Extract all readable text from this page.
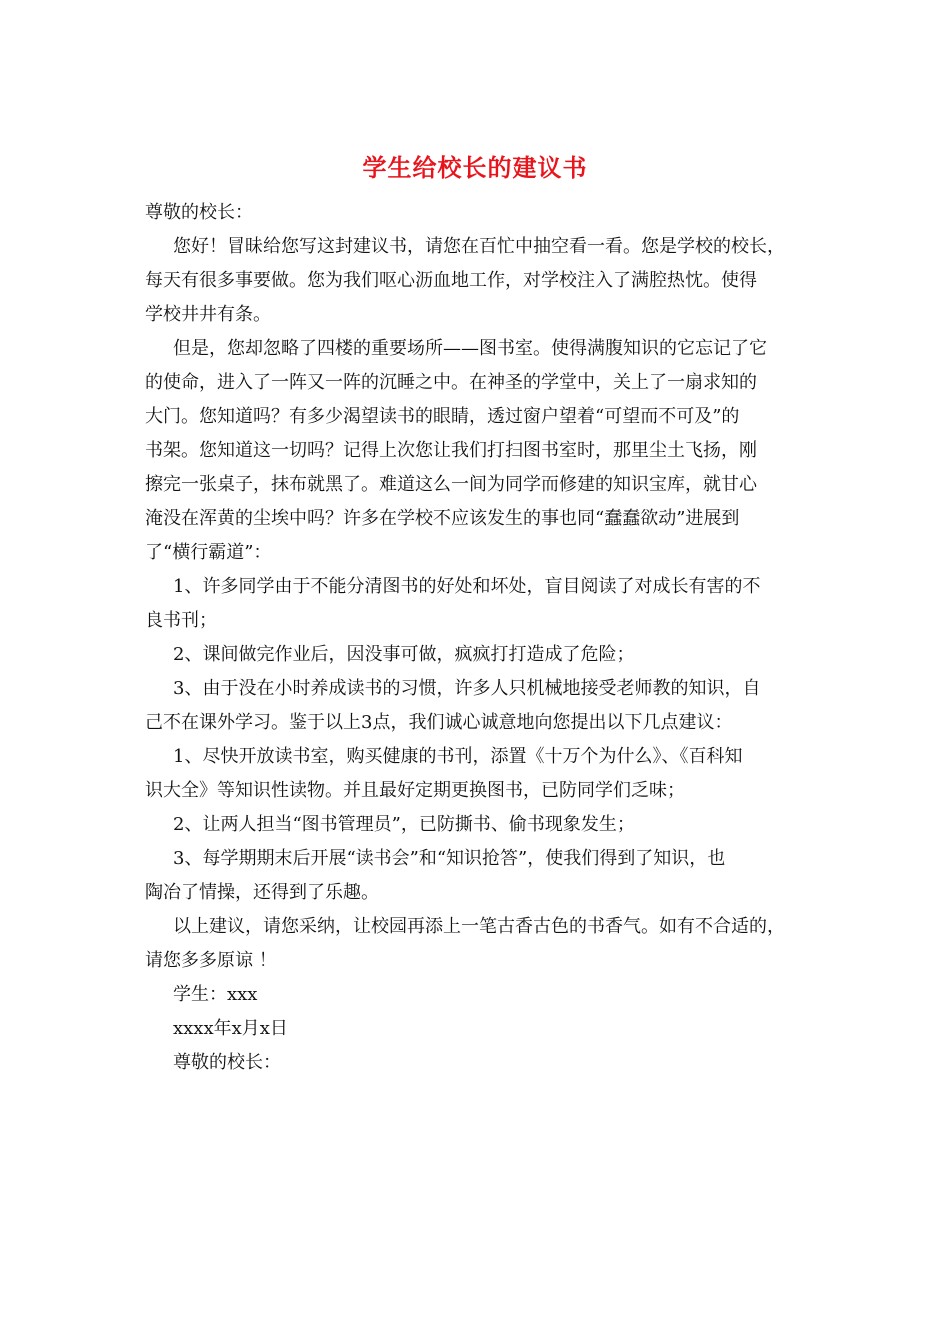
学生给校长的建议书
尊敬的校长：
您好！冒昧给您写这封建议书，请您在百忙中抽空看一看。您是学校的校长，
每天有很多事要做。您为我们呕心沥血地工作，对学校注入了满腔热忱。使得
学校井井有条。
但是，您却忽略了四楼的重要场所——图书室。使得满腹知识的它忘记了它
的使命，进入了一阵又一阵的沉睡之中。在神圣的学堂中，关上了一扇求知的
大门。您知道吗？有多少渴望读书的眼睛，透过窗户望着“可望而不可及”的
书架。您知道这一切吗？记得上次您让我们打扫图书室时，那里尘土飞扬，刚
擦完一张桌子，抹布就黑了。难道这么一间为同学而修建的知识宝库，就甘心
淹没在浑黄的尘埃中吗？许多在学校不应该发生的事也同“蠢蠢欲动”进展到
了“横行霸道”：
1、许多同学由于不能分清图书的好处和坏处，盲目阅读了对成长有害的不
良书刊；
2、课间做完作业后，因没事可做，疯疯打打造成了危险；
3、由于没在小时养成读书的习惯，许多人只机械地接受老师教的知识，自
己不在课外学习。鉴于以上3点，我们诚心诚意地向您提出以下几点建议：
1、尽快开放读书室，购买健康的书刊，添置《十万个为什么》、《百科知
识大全》等知识性读物。并且最好定期更换图书，已防同学们乏味；
2、让两人担当“图书管理员”，已防撕书、偷书现象发生；
3、每学期期末后开展“读书会”和“知识抢答”，使我们得到了知识，也
陶冶了情操，还得到了乐趣。
以上建议，请您采纳，让校园再添上一笔古香古色的书香气。如有不合适的，
请您多多原谅 ！
学生：xxx
xxxx年x月x日
尊敬的校长：
